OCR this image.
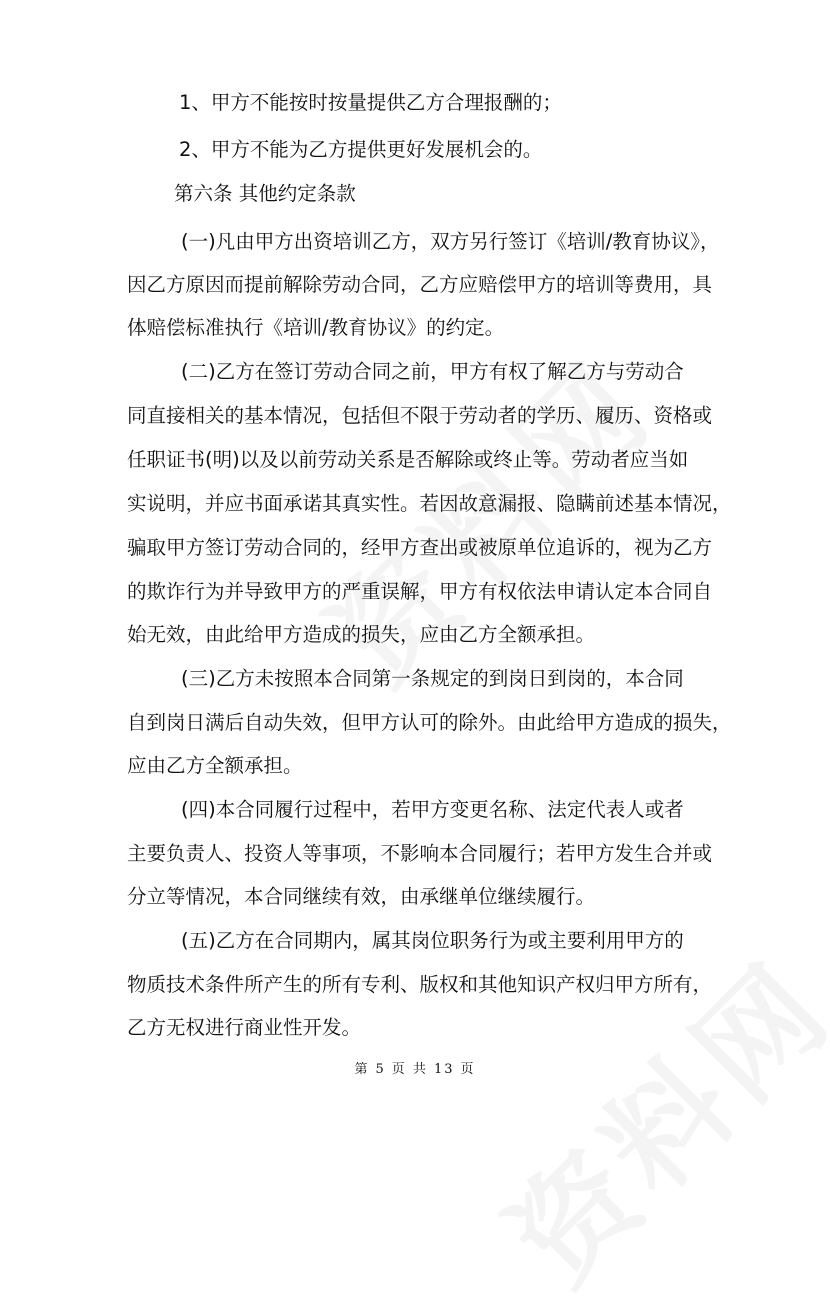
1、甲方不能按时按量提供乙方合理报酬的；
2、甲方不能为乙方提供更好发展机会的。
第六条 其他约定条款
(一)凡由甲方出资培训乙方，双方另行签订《培训/教育协议》，
因乙方原因而提前解除劳动合同，乙方应赔偿甲方的培训等费用，具
体赔偿标准执行《培训/教育协议》的约定。
(二)乙方在签订劳动合同之前，甲方有权了解乙方与劳动合
同直接相关的基本情况，包括但不限于劳动者的学历、履历、资格或
任职证书(明)以及以前劳动关系是否解除或终止等。劳动者应当如
实说明，并应书面承诺其真实性。若因故意漏报、隐瞒前述基本情况，
骗取甲方签订劳动合同的，经甲方查出或被原单位追诉的，视为乙方
的欺诈行为并导致甲方的严重误解，甲方有权依法申请认定本合同自
始无效，由此给甲方造成的损失，应由乙方全额承担。
(三)乙方未按照本合同第一条规定的到岗日到岗的，本合同
自到岗日满后自动失效，但甲方认可的除外。由此给甲方造成的损失，
应由乙方全额承担。
(四)本合同履行过程中，若甲方变更名称、法定代表人或者
主要负责人、投资人等事项，不影响本合同履行；若甲方发生合并或
分立等情况，本合同继续有效，由承继单位继续履行。
(五)乙方在合同期内，属其岗位职务行为或主要利用甲方的
物质技术条件所产生的所有专利、版权和其他知识产权归甲方所有，
乙方无权进行商业性开发。
第 5 页 共 13 页
